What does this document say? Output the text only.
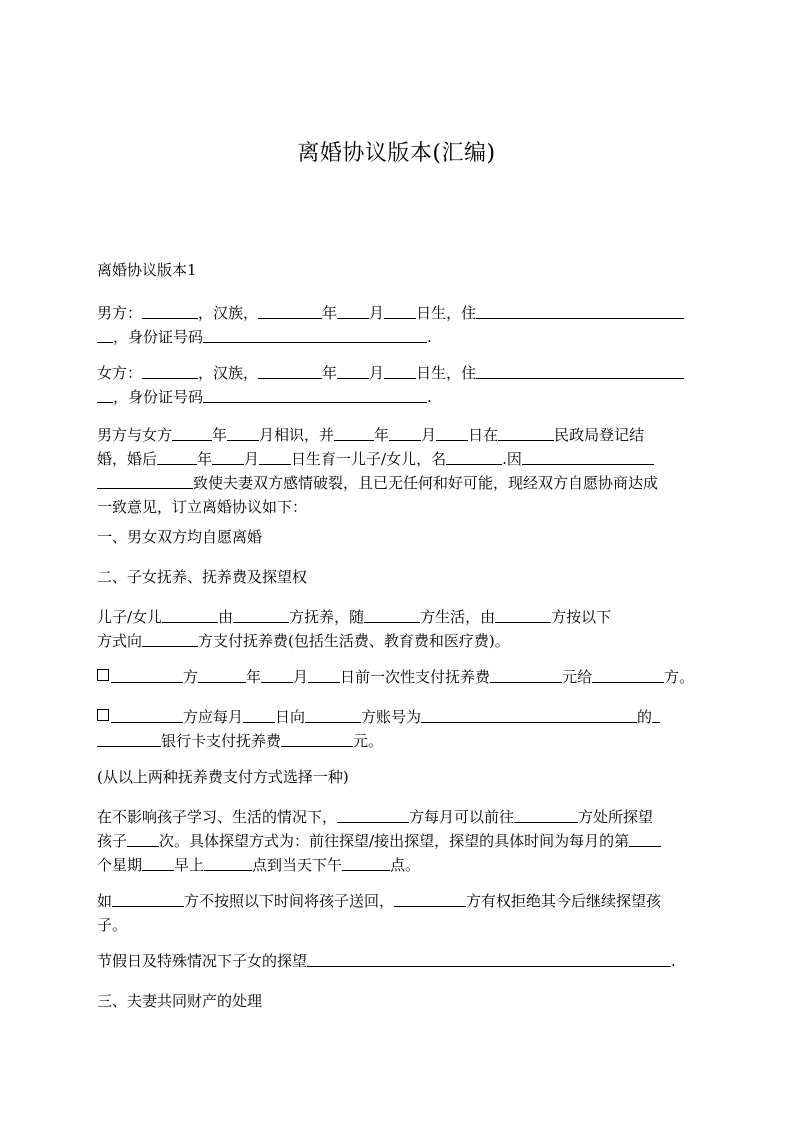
离婚协议版本(汇编)
离婚协议版本1
男方：	，汉族，	年 月 日生，住
，身份证号码	.
女方：	，汉族，	年 月 日生，住
，身份证号码	.
男方与女方	年 月相识，并	年 月 日在	民政局登记结
婚，婚后	年 月 日生育一儿子/女儿，名	.因
致使夫妻双方感情破裂，且已无任何和好可能，现经双方自愿协商达成
一致意见，订立离婚协议如下：
一、男女双方均自愿离婚
二、子女抚养、抚养费及探望权
儿子/女儿	由	方抚养，随	方生活，由	方按以下
方式向	方支付抚养费(包括生活费、教育费和医疗费)。
方	年 月 日前一次性支付抚养费	元给	方。
方应每月 日向	方账号为	的
银行卡支付抚养费	元。
(从以上两种抚养费支付方式选择一种)
在不影响孩子学习、生活的情况下，	方每月可以前往	方处所探望
孩子 次。具体探望方式为：前往探望/接出探望，探望的具体时间为每月的第
个星期 早上	点到当天下午	点。
如	方不按照以下时间将孩子送回，	方有权拒绝其今后继续探望孩
子。
节假日及特殊情况下子女的探望	.
三、夫妻共同财产的处理
